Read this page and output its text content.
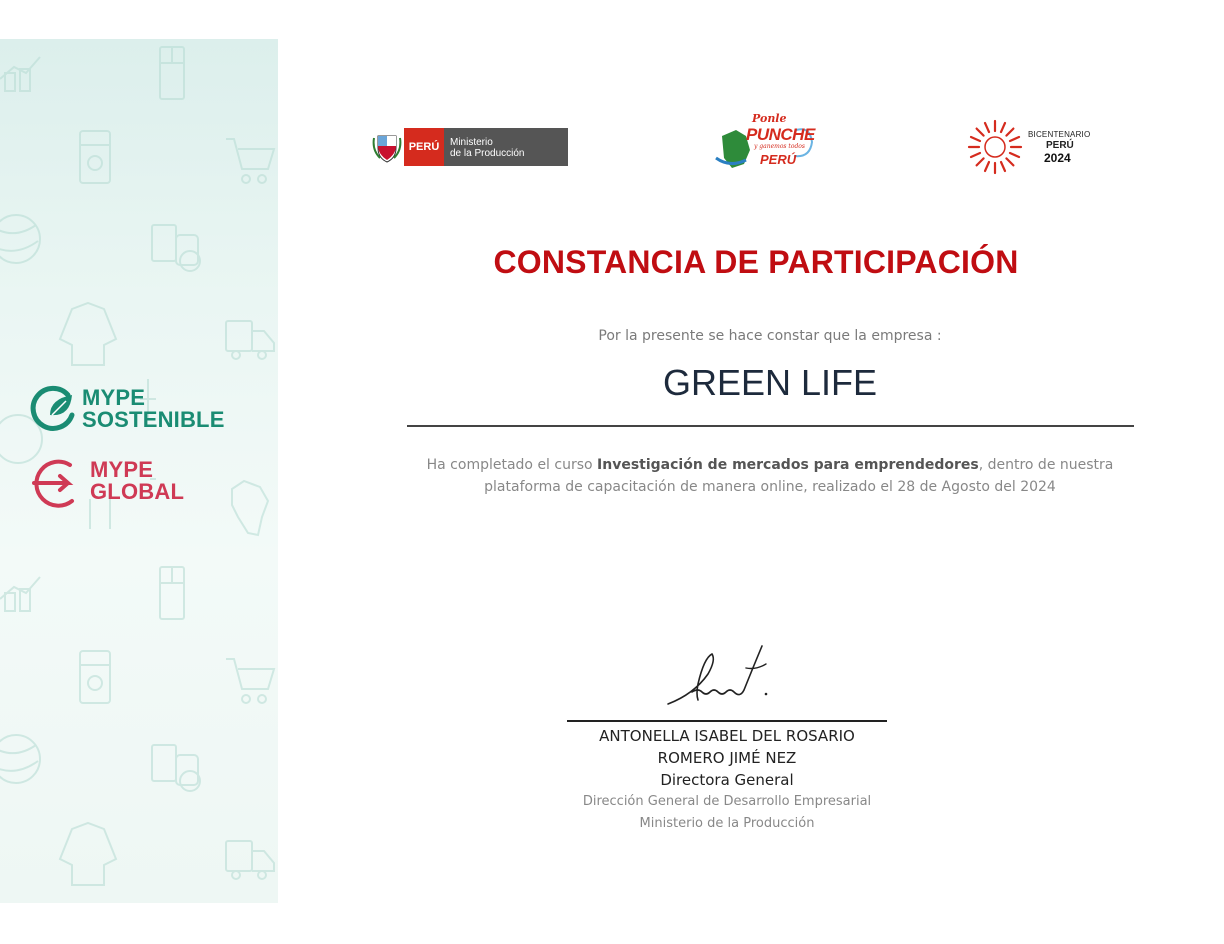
MYPE
SOSTENIBLE
MYPE
GLOBAL
PERÚ	Ministerio
de la Producción
Ponle
PUNCHE
y ganemos todos
PERÚ
BICENTENARIO
PERÚ
2024
CONSTANCIA DE PARTICIPACIÓN
Por la presente se hace constar que la empresa :
GREEN LIFE
Ha completado el curso Investigación de mercados para emprendedores, dentro de nuestra
plataforma de capacitación de manera online, realizado el 28 de Agosto del 2024
ANTONELLA ISABEL DEL ROSARIO
ROMERO JIMÉ NEZ
Directora General
Dirección General de Desarrollo Empresarial
Ministerio de la Producción
